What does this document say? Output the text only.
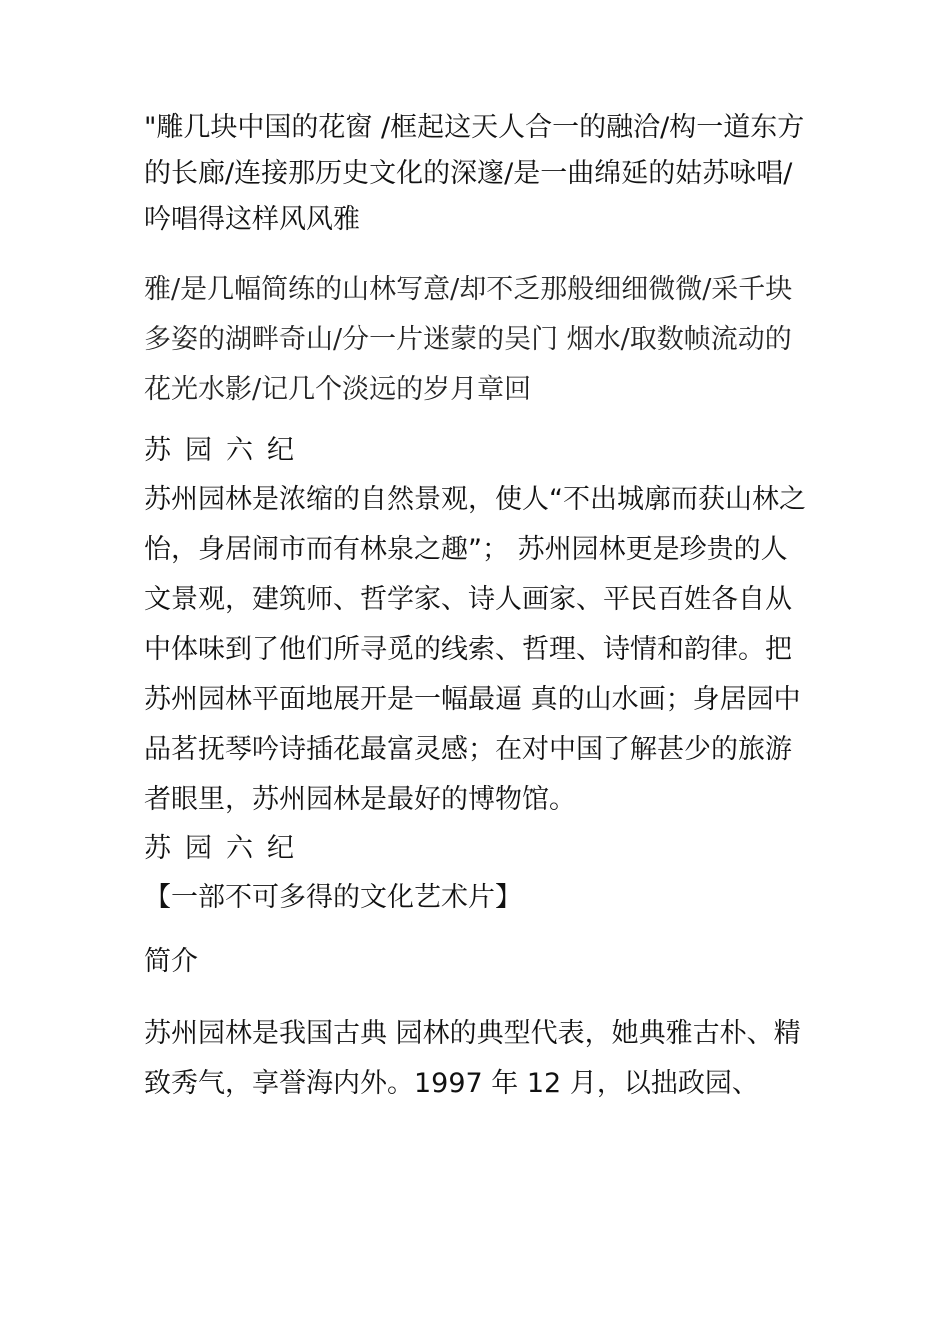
"雕几块中国的花窗 /框起这天人合一的融洽/构一道东方的长廊/连接那历史文化的深邃/是一曲绵延的姑苏咏唱/吟唱得这样风风雅

雅/是几幅简练的山林写意/却不乏那般细细微微/采千块多姿的湖畔奇山/分一片迷蒙的吴门 烟水/取数帧流动的花光水影/记几个淡远的岁月章回

苏园六纪

苏州园林是浓缩的自然景观，使人“不出城廓而获山林之怡，身居闹市而有林泉之趣”； 苏州园林更是珍贵的人文景观，建筑师、哲学家、诗人画家、平民百姓各自从中体味到了他们所寻觅的线索、哲理、诗情和韵律。把苏州园林平面地展开是一幅最逼 真的山水画；身居园中品茗抚琴吟诗插花最富灵感；在对中国了解甚少的旅游者眼里，苏州园林是最好的博物馆。

苏园六纪

【一部不可多得的文化艺术片】

简介

苏州园林是我国古典 园林的典型代表，她典雅古朴、精致秀气，享誉海内外。1997 年 12 月，以拙政园、
